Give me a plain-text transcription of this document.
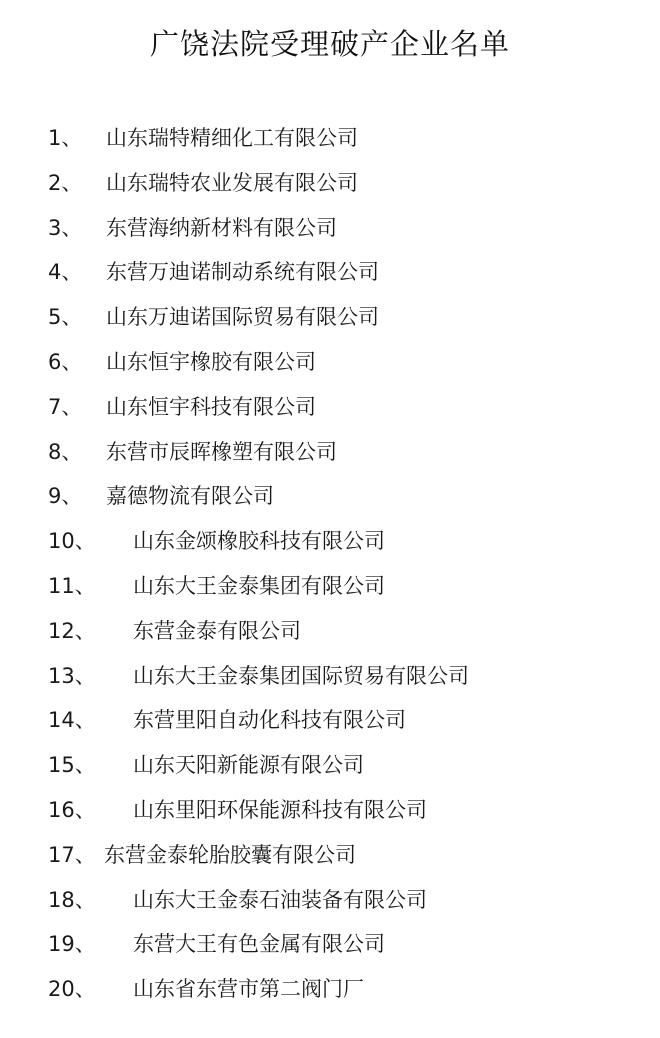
广饶法院受理破产企业名单
1、 山东瑞特精细化工有限公司
2、 山东瑞特农业发展有限公司
3、 东营海纳新材料有限公司
4、 东营万迪诺制动系统有限公司
5、 山东万迪诺国际贸易有限公司
6、 山东恒宇橡胶有限公司
7、 山东恒宇科技有限公司
8、 东营市辰晖橡塑有限公司
9、 嘉德物流有限公司
10、 山东金颂橡胶科技有限公司
11、 山东大王金泰集团有限公司
12、 东营金泰有限公司
13、 山东大王金泰集团国际贸易有限公司
14、 东营里阳自动化科技有限公司
15、 山东天阳新能源有限公司
16、 山东里阳环保能源科技有限公司
17、 东营金泰轮胎胶囊有限公司
18、 山东大王金泰石油装备有限公司
19、 东营大王有色金属有限公司
20、 山东省东营市第二阀门厂
